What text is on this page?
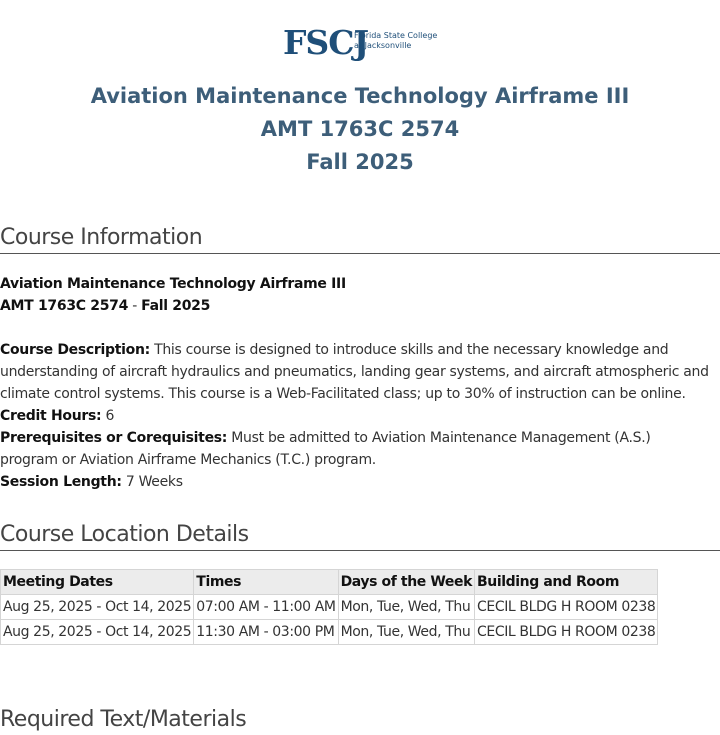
FSCJ
Florida State College
at Jacksonville
Aviation Maintenance Technology Airframe III
AMT 1763C 2574
Fall 2025
Course Information
Aviation Maintenance Technology Airframe III
AMT 1763C 2574 - Fall 2025
Course Description: This course is designed to introduce skills and the necessary knowledge and understanding of aircraft hydraulics and pneumatics, landing gear systems, and aircraft atmospheric and climate control systems. This course is a Web-Facilitated class; up to 30% of instruction can be online.
Credit Hours: 6
Prerequisites or Corequisites: Must be admitted to Aviation Maintenance Management (A.S.) program or Aviation Airframe Mechanics (T.C.) program.
Session Length: 7 Weeks
Course Location Details
Meeting Dates	Times	Days of the Week	Building and Room
Aug 25, 2025 - Oct 14, 2025	07:00 AM - 11:00 AM	Mon, Tue, Wed, Thu	CECIL BLDG H ROOM 0238
Aug 25, 2025 - Oct 14, 2025	11:30 AM - 03:00 PM	Mon, Tue, Wed, Thu	CECIL BLDG H ROOM 0238
Required Text/Materials
